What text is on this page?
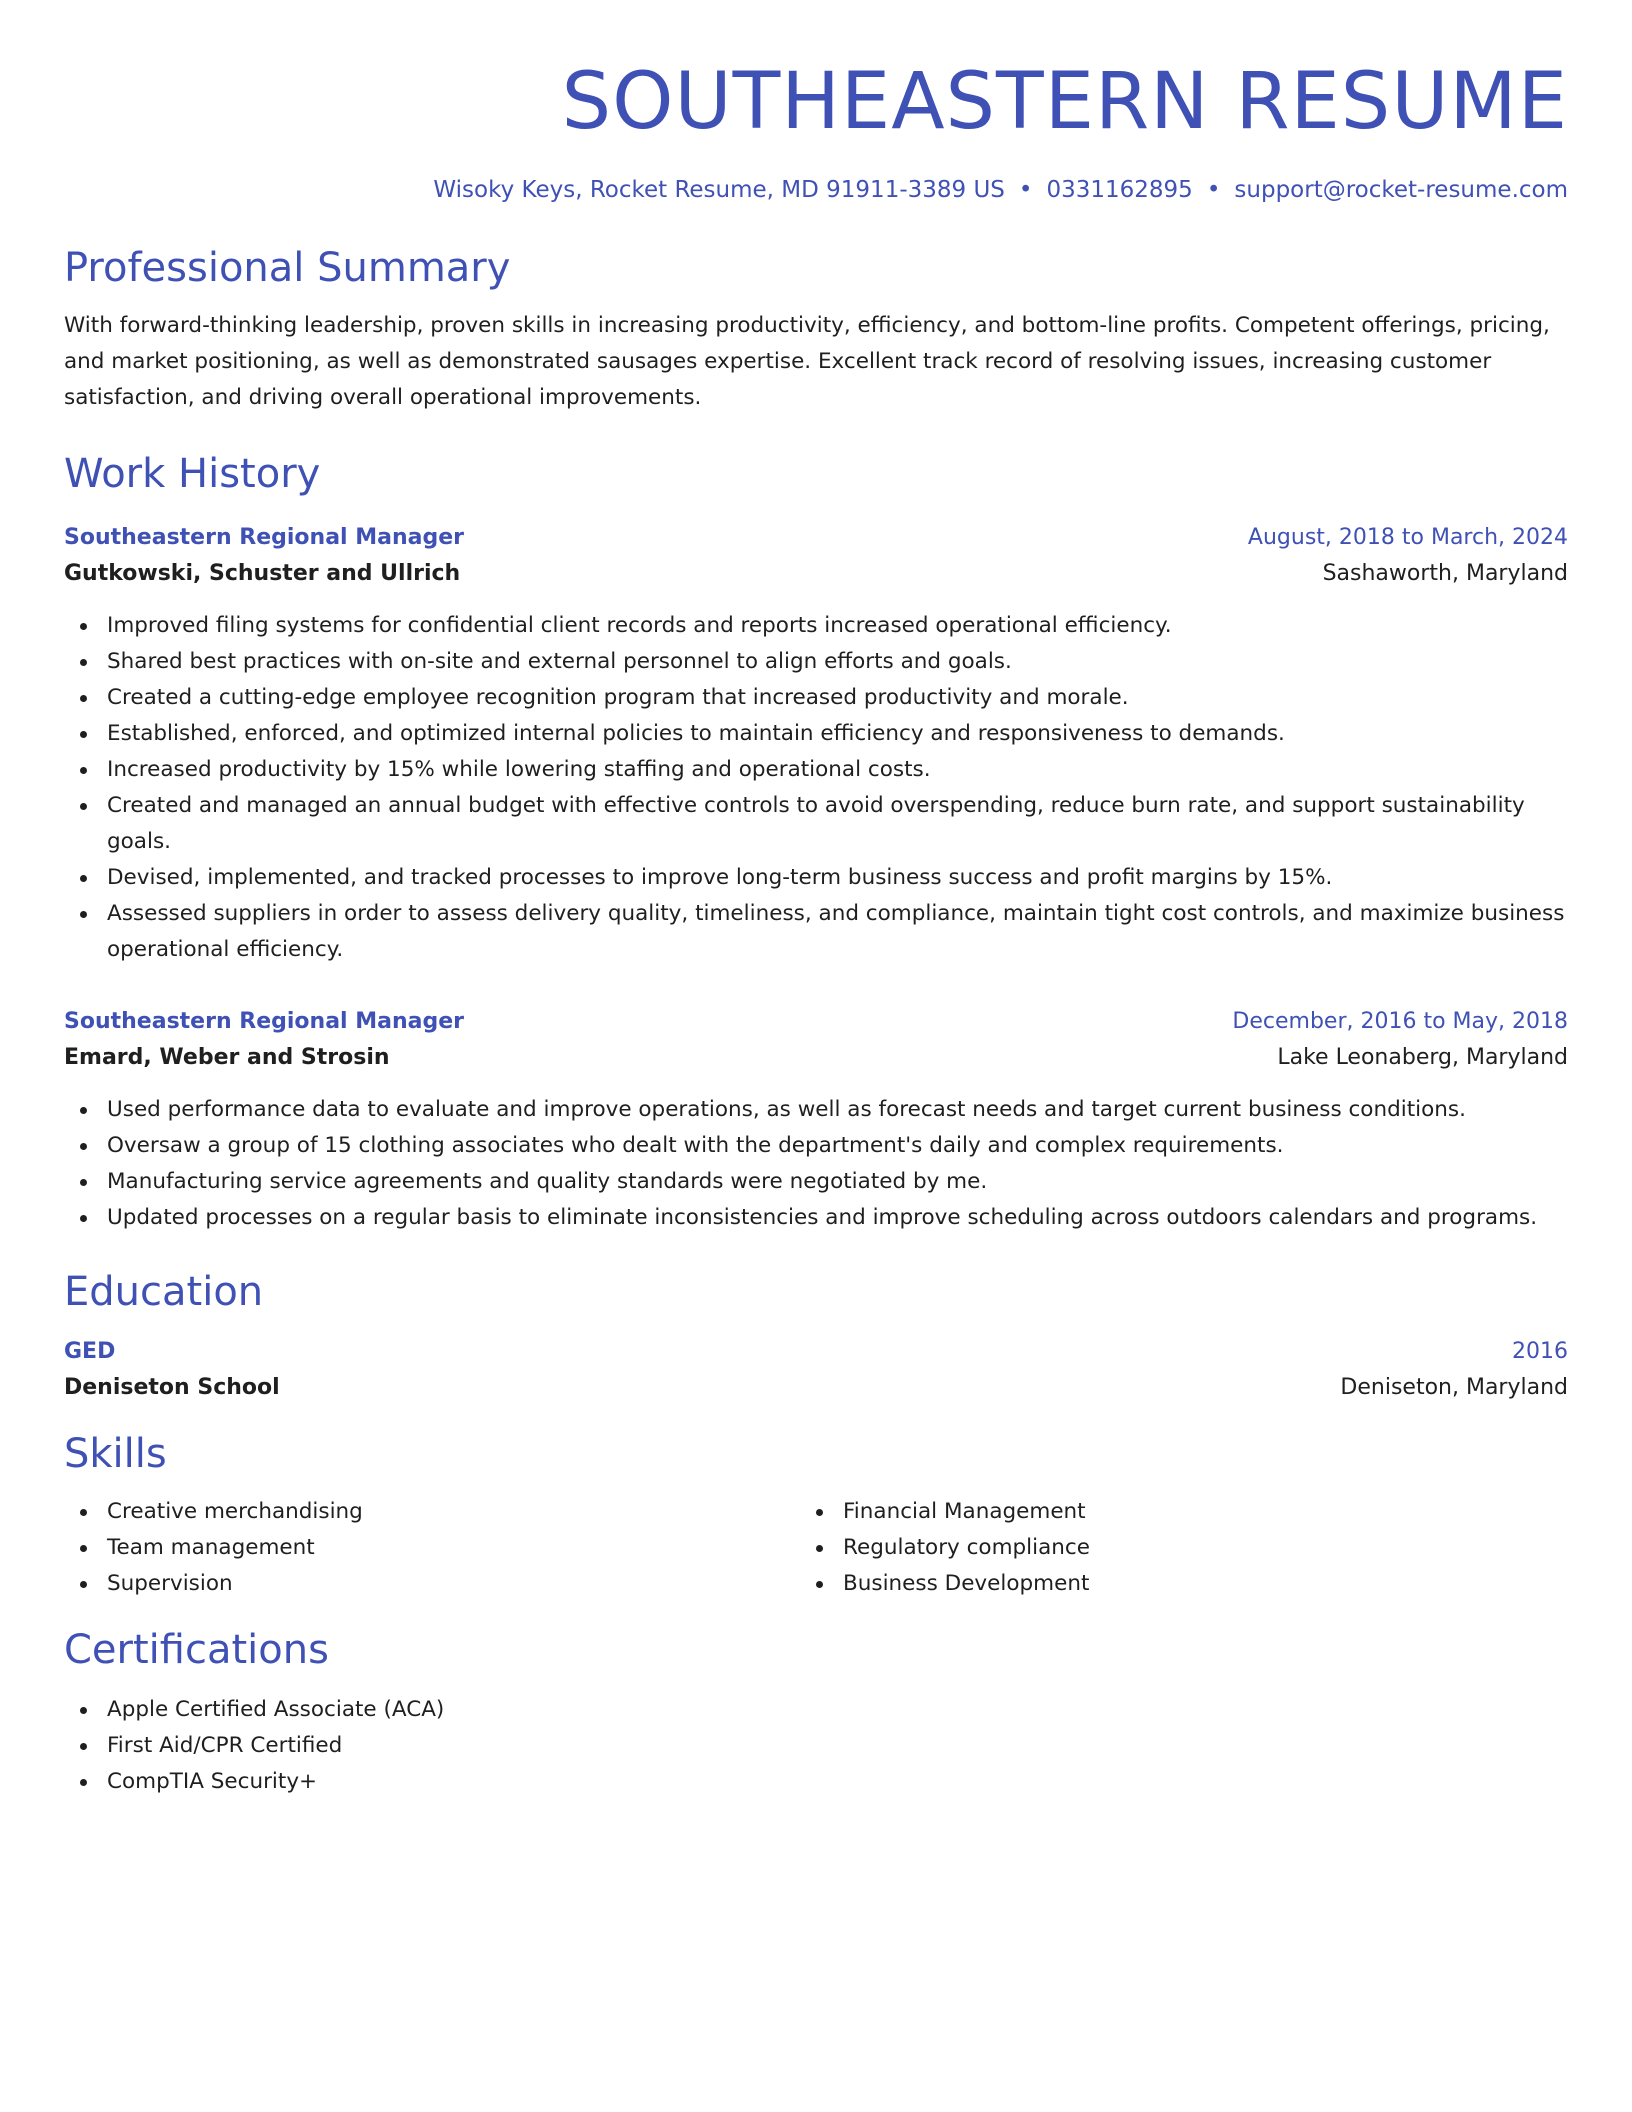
SOUTHEASTERN RESUME
Wisoky Keys, Rocket Resume, MD 91911-3389 US • 0331162895 • support@rocket-resume.com
Professional Summary
With forward-thinking leadership, proven skills in increasing productivity, efficiency, and bottom-line profits. Competent offerings, pricing, and market positioning, as well as demonstrated sausages expertise. Excellent track record of resolving issues, increasing customer satisfaction, and driving overall operational improvements.
Work History
Southeastern Regional Manager	August, 2018 to March, 2024
Gutkowski, Schuster and Ullrich	Sashaworth, Maryland
Improved filing systems for confidential client records and reports increased operational efficiency.
Shared best practices with on-site and external personnel to align efforts and goals.
Created a cutting-edge employee recognition program that increased productivity and morale.
Established, enforced, and optimized internal policies to maintain efficiency and responsiveness to demands.
Increased productivity by 15% while lowering staffing and operational costs.
Created and managed an annual budget with effective controls to avoid overspending, reduce burn rate, and support sustainability goals.
Devised, implemented, and tracked processes to improve long-term business success and profit margins by 15%.
Assessed suppliers in order to assess delivery quality, timeliness, and compliance, maintain tight cost controls, and maximize business operational efficiency.
Southeastern Regional Manager	December, 2016 to May, 2018
Emard, Weber and Strosin	Lake Leonaberg, Maryland
Used performance data to evaluate and improve operations, as well as forecast needs and target current business conditions.
Oversaw a group of 15 clothing associates who dealt with the department's daily and complex requirements.
Manufacturing service agreements and quality standards were negotiated by me.
Updated processes on a regular basis to eliminate inconsistencies and improve scheduling across outdoors calendars and programs.
Education
GED	2016
Deniseton School	Deniseton, Maryland
Skills
Creative merchandising
Team management
Supervision
Financial Management
Regulatory compliance
Business Development
Certifications
Apple Certified Associate (ACA)
First Aid/CPR Certified
CompTIA Security+
